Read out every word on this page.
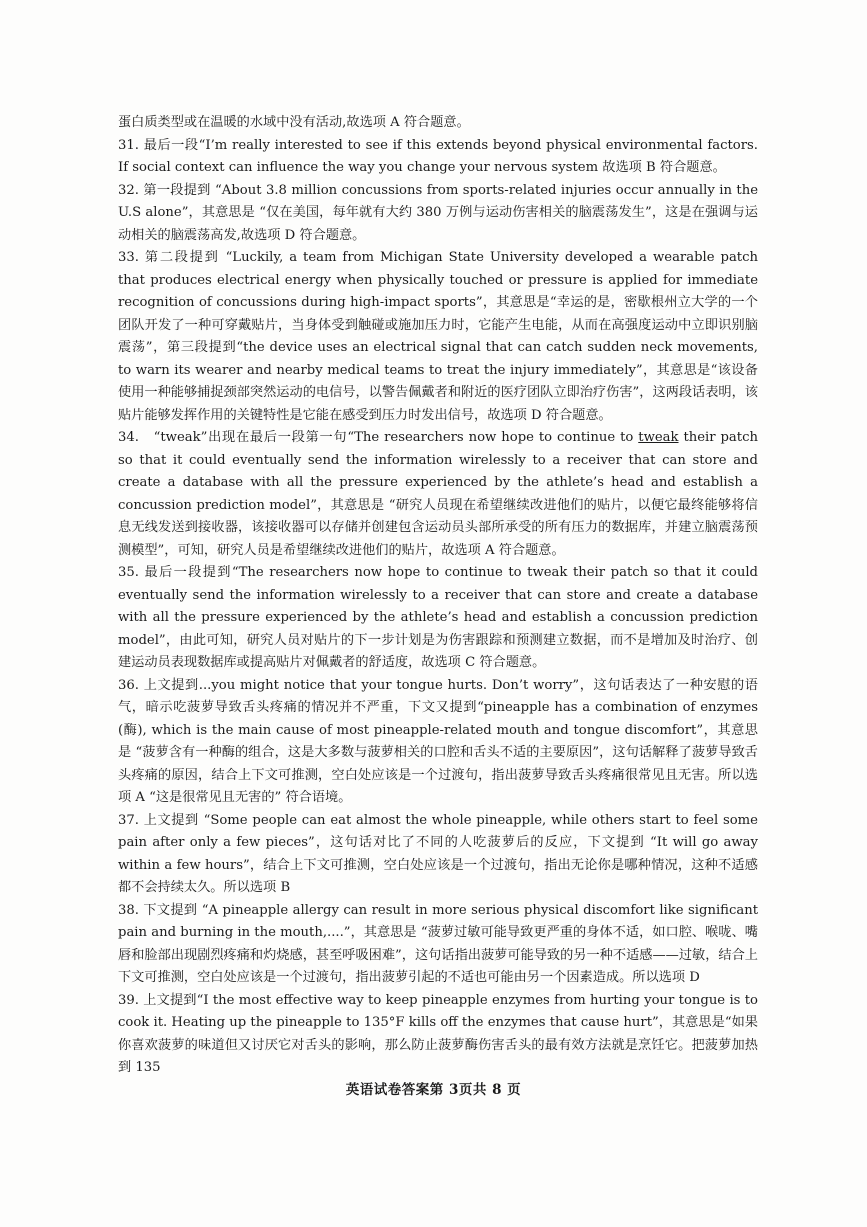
蛋白质类型或在温暖的水域中没有活动,故选项 A 符合题意。

31. 最后一段“I’m really interested to see if this extends beyond physical environmental factors. If social context can influence the way you change your nervous system 故选项 B 符合题意。

32. 第一段提到 “About 3.8 million concussions from sports-related injuries occur annually in the U.S alone”，其意思是 “仅在美国，每年就有大约 380 万例与运动伤害相关的脑震荡发生”，这是在强调与运动相关的脑震荡高发,故选项 D 符合题意。

33. 第二段提到 “Luckily, a team from Michigan State University developed a wearable patch that produces electrical energy when physically touched or pressure is applied for immediate recognition of concussions during high-impact sports”，其意思是“幸运的是，密歇根州立大学的一个团队开发了一种可穿戴贴片，当身体受到触碰或施加压力时，它能产生电能，从而在高强度运动中立即识别脑震荡”，第三段提到“the device uses an electrical signal that can catch sudden neck movements, to warn its wearer and nearby medical teams to treat the injury immediately”，其意思是“该设备使用一种能够捕捉颈部突然运动的电信号，以警告佩戴者和附近的医疗团队立即治疗伤害”，这两段话表明，该贴片能够发挥作用的关键特性是它能在感受到压力时发出信号，故选项 D 符合题意。

34.　“tweak”出现在最后一段第一句“The researchers now hope to continue to tweak their patch so that it could eventually send the information wirelessly to a receiver that can store and create a database with all the pressure experienced by the athlete’s head and establish a concussion prediction model”，其意思是 “研究人员现在希望继续改进他们的贴片，以便它最终能够将信息无线发送到接收器，该接收器可以存储并创建包含运动员头部所承受的所有压力的数据库，并建立脑震荡预测模型”，可知，研究人员是希望继续改进他们的贴片，故选项 A 符合题意。

35. 最后一段提到“The researchers now hope to continue to tweak their patch so that it could eventually send the information wirelessly to a receiver that can store and create a database with all the pressure experienced by the athlete’s head and establish a concussion prediction model”，由此可知，研究人员对贴片的下一步计划是为伤害跟踪和预测建立数据，而不是增加及时治疗、创建运动员表现数据库或提高贴片对佩戴者的舒适度，故选项 C 符合题意。

36. 上文提到...you might notice that your tongue hurts. Don’t worry”，这句话表达了一种安慰的语气，暗示吃菠萝导致舌头疼痛的情况并不严重，下文又提到“pineapple has a combination of enzymes (酶), which is the main cause of most pineapple-related mouth and tongue discomfort”，其意思是 “菠萝含有一种酶的组合，这是大多数与菠萝相关的口腔和舌头不适的主要原因”，这句话解释了菠萝导致舌头疼痛的原因，结合上下文可推测，空白处应该是一个过渡句，指出菠萝导致舌头疼痛很常见且无害。所以选项 A “这是很常见且无害的” 符合语境。

37. 上文提到 “Some people can eat almost the whole pineapple, while others start to feel some pain after only a few pieces”，这句话对比了不同的人吃菠萝后的反应，下文提到 “It will go away within a few hours”，结合上下文可推测，空白处应该是一个过渡句，指出无论你是哪种情况，这种不适感都不会持续太久。所以选项 B

38. 下文提到 “A pineapple allergy can result in more serious physical discomfort like significant pain and burning in the mouth,....”，其意思是 “菠萝过敏可能导致更严重的身体不适，如口腔、喉咙、嘴唇和脸部出现剧烈疼痛和灼烧感，甚至呼吸困难”，这句话指出菠萝可能导致的另一种不适感——过敏，结合上下文可推测，空白处应该是一个过渡句，指出菠萝引起的不适也可能由另一个因素造成。所以选项 D

39. 上文提到“I the most effective way to keep pineapple enzymes from hurting your tongue is to cook it. Heating up the pineapple to 135°F kills off the enzymes that cause hurt”，其意思是“如果你喜欢菠萝的味道但又讨厌它对舌头的影响，那么防止菠萝酶伤害舌头的最有效方法就是烹饪它。把菠萝加热到 135

英语试卷答案第 3页共 8 页
